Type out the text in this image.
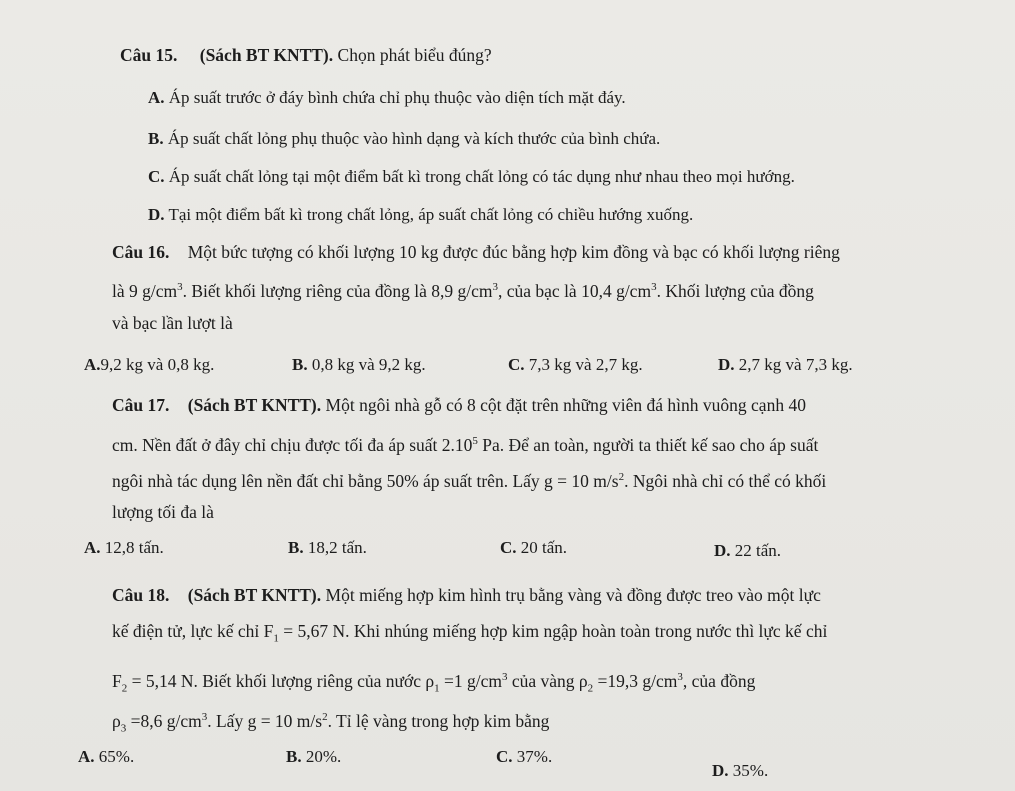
Câu 15. (Sách BT KNTT). Chọn phát biểu đúng?
A. Áp suất trước ở đáy bình chứa chỉ phụ thuộc vào diện tích mặt đáy.
B. Áp suất chất lỏng phụ thuộc vào hình dạng và kích thước của bình chứa.
C. Áp suất chất lỏng tại một điểm bất kì trong chất lỏng có tác dụng như nhau theo mọi hướng.
D. Tại một điểm bất kì trong chất lỏng, áp suất chất lỏng có chiều hướng xuống.
Câu 16. Một bức tượng có khối lượng 10 kg được đúc bằng hợp kim đồng và bạc có khối lượng riêng
là 9 $g/cm^3$. Biết khối lượng riêng của đồng là 8,9 $g/cm^3$, của bạc là 10,4 $g/cm^3$. Khối lượng của đồng
và bạc lần lượt là
A.9,2 kg và 0,8 kg.	B. 0,8 kg và 9,2 kg.	C. 7,3 kg và 2,7 kg.	D. 2,7 kg và 7,3 kg.
Câu 17. (Sách BT KNTT). Một ngôi nhà gỗ có 8 cột đặt trên những viên đá hình vuông cạnh 40
cm. Nền đất ở đây chỉ chịu được tối đa áp suất 2.10$^5$ Pa. Để an toàn, người ta thiết kế sao cho áp suất
ngôi nhà tác dụng lên nền đất chỉ bằng 50% áp suất trên. Lấy g = 10 $m/s^2$. Ngôi nhà chỉ có thể có khối
lượng tối đa là
A. 12,8 tấn.	B. 18,2 tấn.	C. 20 tấn.	D. 22 tấn.
Câu 18. (Sách BT KNTT). Một miếng hợp kim hình trụ bằng vàng và đồng được treo vào một lực
kế điện tử, lực kế chỉ $F_1 = 5,67$ N. Khi nhúng miếng hợp kim ngập hoàn toàn trong nước thì lực kế chỉ
$F_2 = 5,14$ N. Biết khối lượng riêng của nước $\rho_1 =1$ $g/cm^3$ của vàng $\rho_2 =19,3$ $g/cm^3$, của đồng
$\rho_3 =8,6$ $g/cm^3$. Lấy g = 10 $m/s^2$. Tỉ lệ vàng trong hợp kim bằng
A. 65%.	B. 20%.	C. 37%.
D. 35%.
